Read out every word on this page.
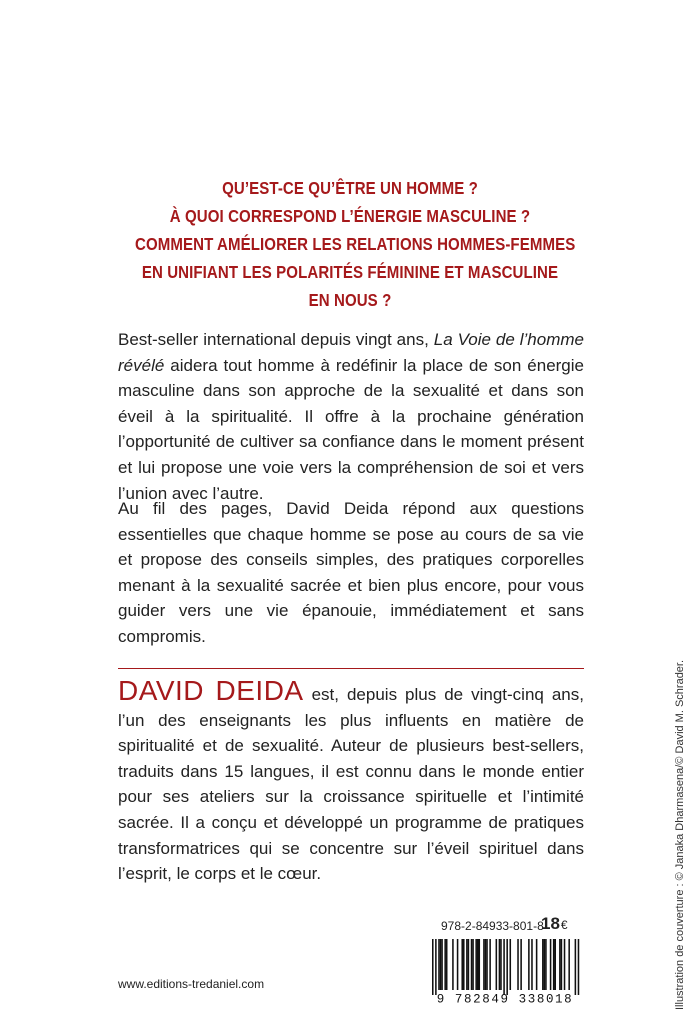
QU’EST-CE QU’ÊTRE UN HOMME ?
À QUOI CORRESPOND L’ÉNERGIE MASCULINE ?
COMMENT AMÉLIORER LES RELATIONS HOMMES-FEMMES
EN UNIFIANT LES POLARITÉS FÉMININE ET MASCULINE
EN NOUS ?
Best-seller international depuis vingt ans, La Voie de l’homme révélé aidera tout homme à redéfinir la place de son énergie masculine dans son approche de la sexualité et dans son éveil à la spiritualité. Il offre à la prochaine génération l’opportunité de cultiver sa confiance dans le moment présent et lui propose une voie vers la compréhension de soi et vers l’union avec l’autre.
Au fil des pages, David Deida répond aux questions essentielles que chaque homme se pose au cours de sa vie et propose des conseils simples, des pratiques corporelles menant à la sexualité sacrée et bien plus encore, pour vous guider vers une vie épanouie, immédiatement et sans compromis.
DAVID DEIDA est, depuis plus de vingt-cinq ans, l’un des enseignants les plus influents en matière de spiritualité et de sexualité. Auteur de plusieurs best-sellers, traduits dans 15 langues, il est connu dans le monde entier pour ses ateliers sur la croissance spirituelle et l’intimité sacrée. Il a conçu et développé un programme de pratiques transformatrices qui se concentre sur l’éveil spirituel dans l’esprit, le corps et le cœur.	Illustration de couverture : © Janaka Dharmasena/© David M. Schrader.
978-2-84933-801-8
18€
9 782849 338018
www.editions-tredaniel.com
